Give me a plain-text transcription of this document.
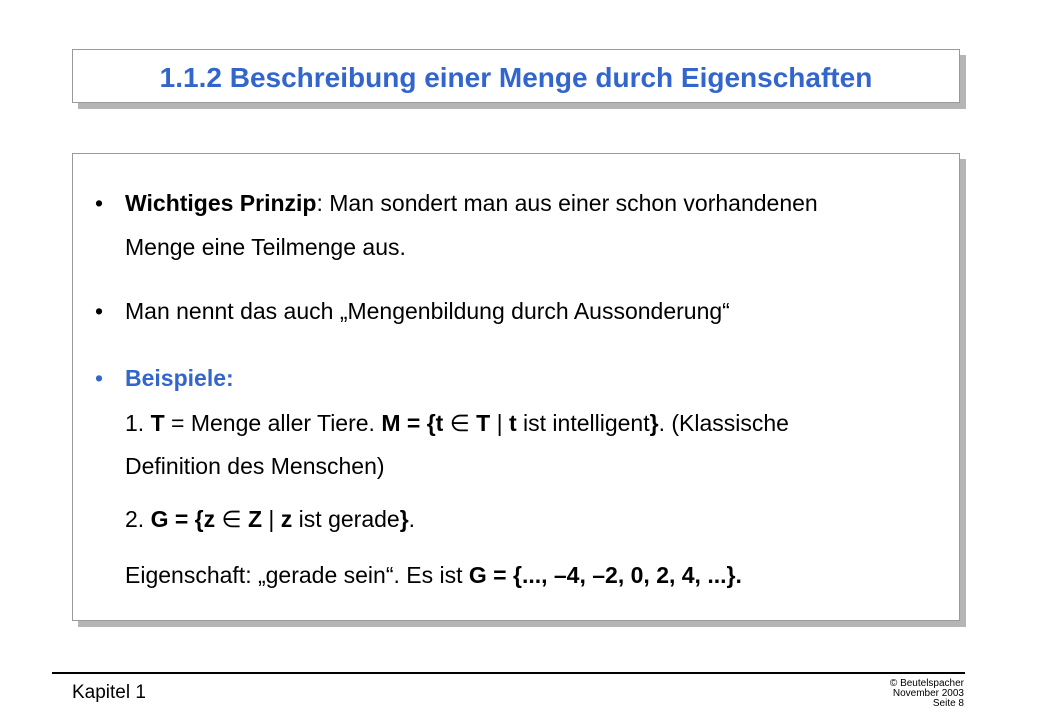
1.1.2 Beschreibung einer Menge durch Eigenschaften
• Wichtiges Prinzip: Man sondert man aus einer schon vorhandenen
Menge eine Teilmenge aus.
• Man nennt das auch „Mengenbildung durch Aussonderung“
• Beispiele:
1. T = Menge aller Tiere. M = {t ∈ T | t ist intelligent}. (Klassische
Definition des Menschen)
2. G = {z ∈ Z | z ist gerade}.
Eigenschaft: „gerade sein“. Es ist G = {..., –4, –2, 0, 2, 4, ...}.
Kapitel 1	© Beutelspacher
November 2003
Seite 8
